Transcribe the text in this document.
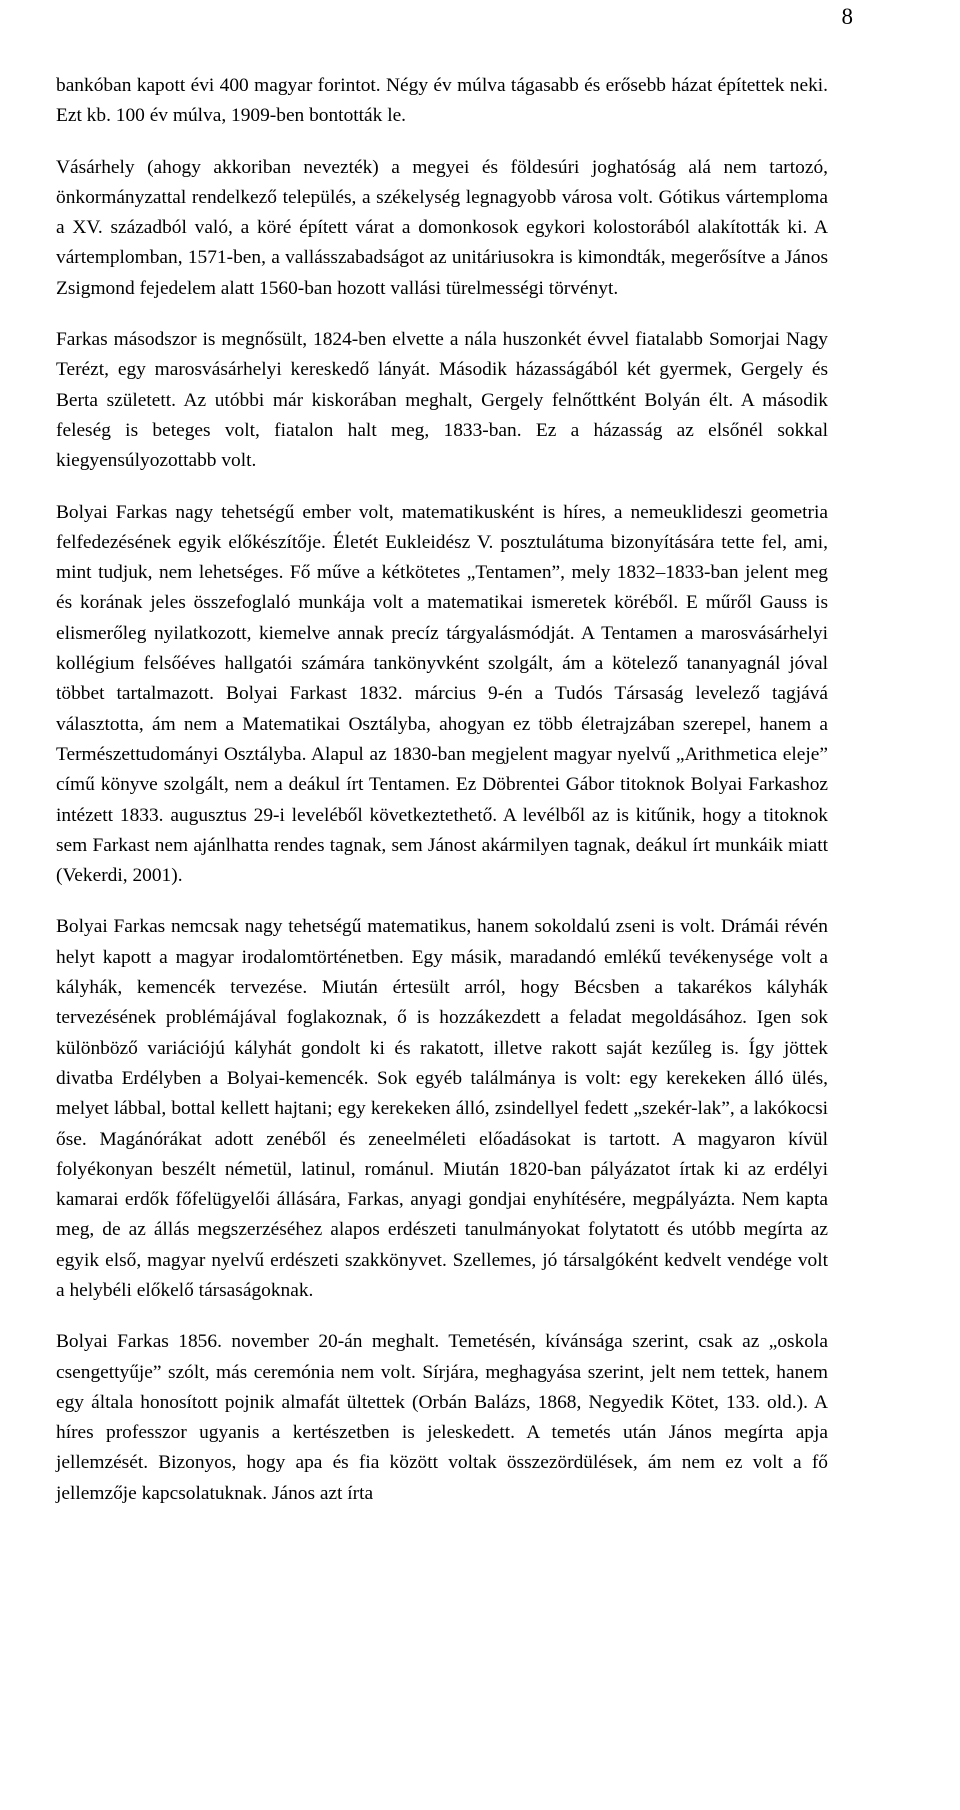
8

bankóban kapott évi 400 magyar forintot. Négy év múlva tágasabb és erősebb házat építettek neki. Ezt kb. 100 év múlva, 1909-ben bontották le.

Vásárhely (ahogy akkoriban nevezték) a megyei és földesúri joghatóság alá nem tartozó, önkormányzattal rendelkező település, a székelység legnagyobb városa volt. Gótikus vártemploma a XV. századból való, a köré épített várat a domonkosok egykori kolostorából alakították ki. A vártemplomban, 1571-ben, a vallásszabadságot az unitáriusokra is kimondták, megerősítve a János Zsigmond fejedelem alatt 1560-ban hozott vallási türelmességi törvényt.

Farkas másodszor is megnősült, 1824-ben elvette a nála huszonkét évvel fiatalabb Somorjai Nagy Terézt, egy marosvásárhelyi kereskedő lányát. Második házasságából két gyermek, Gergely és Berta született. Az utóbbi már kiskorában meghalt, Gergely felnőttként Bolyán élt. A második feleség is beteges volt, fiatalon halt meg, 1833-ban. Ez a házasság az elsőnél sokkal kiegyensúlyozottabb volt.

Bolyai Farkas nagy tehetségű ember volt, matematikusként is híres, a nemeuklideszi geometria felfedezésének egyik előkészítője. Életét Eukleidész V. posztulátuma bizonyítására tette fel, ami, mint tudjuk, nem lehetséges. Fő műve a kétkötetes „Tentamen”, mely 1832–1833-ban jelent meg és korának jeles összefoglaló munkája volt a matematikai ismeretek köréből. E műről Gauss is elismerőleg nyilatkozott, kiemelve annak precíz tárgyalásmódját. A Tentamen a marosvásárhelyi kollégium felsőéves hallgatói számára tankönyvként szolgált, ám a kötelező tananyagnál jóval többet tartalmazott. Bolyai Farkast 1832. március 9-én a Tudós Társaság levelező tagjává választotta, ám nem a Matematikai Osztályba, ahogyan ez több életrajzában szerepel, hanem a Természettudományi Osztályba. Alapul az 1830-ban megjelent magyar nyelvű „Arithmetica eleje” című könyve szolgált, nem a deákul írt Tentamen. Ez Döbrentei Gábor titoknok Bolyai Farkashoz intézett 1833. augusztus 29-i leveléből következtethető. A levélből az is kitűnik, hogy a titoknok sem Farkast nem ajánlhatta rendes tagnak, sem Jánost akármilyen tagnak, deákul írt munkáik miatt (Vekerdi, 2001).

Bolyai Farkas nemcsak nagy tehetségű matematikus, hanem sokoldalú zseni is volt. Drámái révén helyt kapott a magyar irodalomtörténetben. Egy másik, maradandó emlékű tevékenysége volt a kályhák, kemencék tervezése. Miután értesült arról, hogy Bécsben a takarékos kályhák tervezésének problémájával foglakoznak, ő is hozzákezdett a feladat megoldásához. Igen sok különböző variációjú kályhát gondolt ki és rakatott, illetve rakott saját kezűleg is. Így jöttek divatba Erdélyben a Bolyai-kemencék. Sok egyéb találmánya is volt: egy kerekeken álló ülés, melyet lábbal, bottal kellett hajtani; egy kerekeken álló, zsindellyel fedett „szekér-lak”, a lakókocsi őse. Magánórákat adott zenéből és zeneelméleti előadásokat is tartott. A magyaron kívül folyékonyan beszélt németül, latinul, románul. Miután 1820-ban pályázatot írtak ki az erdélyi kamarai erdők főfelügyelői állására, Farkas, anyagi gondjai enyhítésére, megpályázta. Nem kapta meg, de az állás megszerzéséhez alapos erdészeti tanulmányokat folytatott és utóbb megírta az egyik első, magyar nyelvű erdészeti szakkönyvet. Szellemes, jó társalgóként kedvelt vendége volt a helybéli előkelő társaságoknak.

Bolyai Farkas 1856. november 20-án meghalt. Temetésén, kívánsága szerint, csak az „oskola csengettyűje” szólt, más ceremónia nem volt. Sírjára, meghagyása szerint, jelt nem tettek, hanem egy általa honosított pojnik almafát ültettek (Orbán Balázs, 1868, Negyedik Kötet, 133. old.). A híres professzor ugyanis a kertészetben is jeleskedett. A temetés után János megírta apja jellemzését. Bizonyos, hogy apa és fia között voltak összezördülések, ám nem ez volt a fő jellemzője kapcsolatuknak. János azt írta
